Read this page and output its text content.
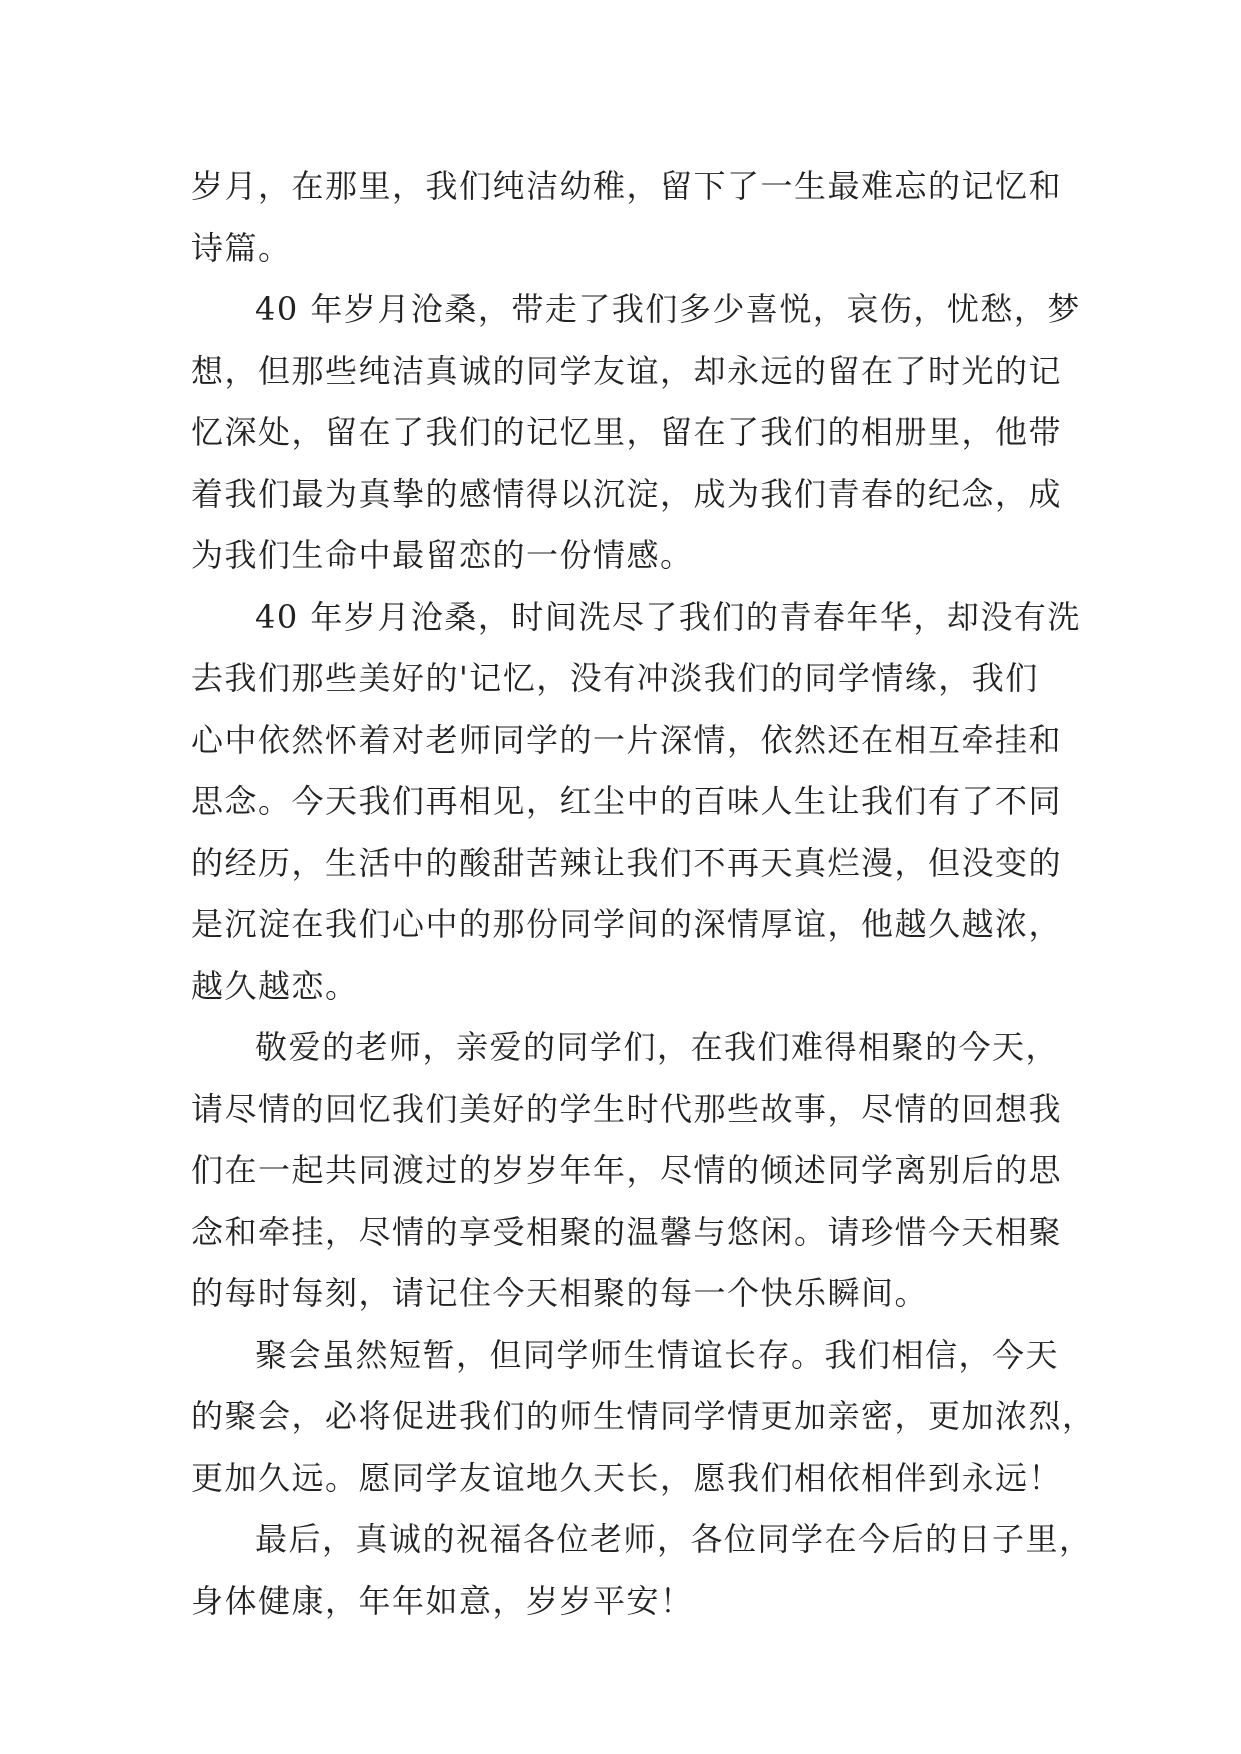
岁月，在那里，我们纯洁幼稚，留下了一生最难忘的记忆和
诗篇。
40 年岁月沧桑，带走了我们多少喜悦，哀伤，忧愁，梦
想，但那些纯洁真诚的同学友谊，却永远的留在了时光的记
忆深处，留在了我们的记忆里，留在了我们的相册里，他带
着我们最为真挚的感情得以沉淀，成为我们青春的纪念，成
为我们生命中最留恋的一份情感。
40 年岁月沧桑，时间洗尽了我们的青春年华，却没有洗
去我们那些美好的'记忆，没有冲淡我们的同学情缘，我们
心中依然怀着对老师同学的一片深情，依然还在相互牵挂和
思念。今天我们再相见，红尘中的百味人生让我们有了不同
的经历，生活中的酸甜苦辣让我们不再天真烂漫，但没变的
是沉淀在我们心中的那份同学间的深情厚谊，他越久越浓，
越久越恋。
敬爱的老师，亲爱的同学们，在我们难得相聚的今天，
请尽情的回忆我们美好的学生时代那些故事，尽情的回想我
们在一起共同渡过的岁岁年年，尽情的倾述同学离别后的思
念和牵挂，尽情的享受相聚的温馨与悠闲。请珍惜今天相聚
的每时每刻，请记住今天相聚的每一个快乐瞬间。
聚会虽然短暂，但同学师生情谊长存。我们相信，今天
的聚会，必将促进我们的师生情同学情更加亲密，更加浓烈，
更加久远。愿同学友谊地久天长，愿我们相依相伴到永远！
最后，真诚的祝福各位老师，各位同学在今后的日子里，
身体健康，年年如意，岁岁平安！
